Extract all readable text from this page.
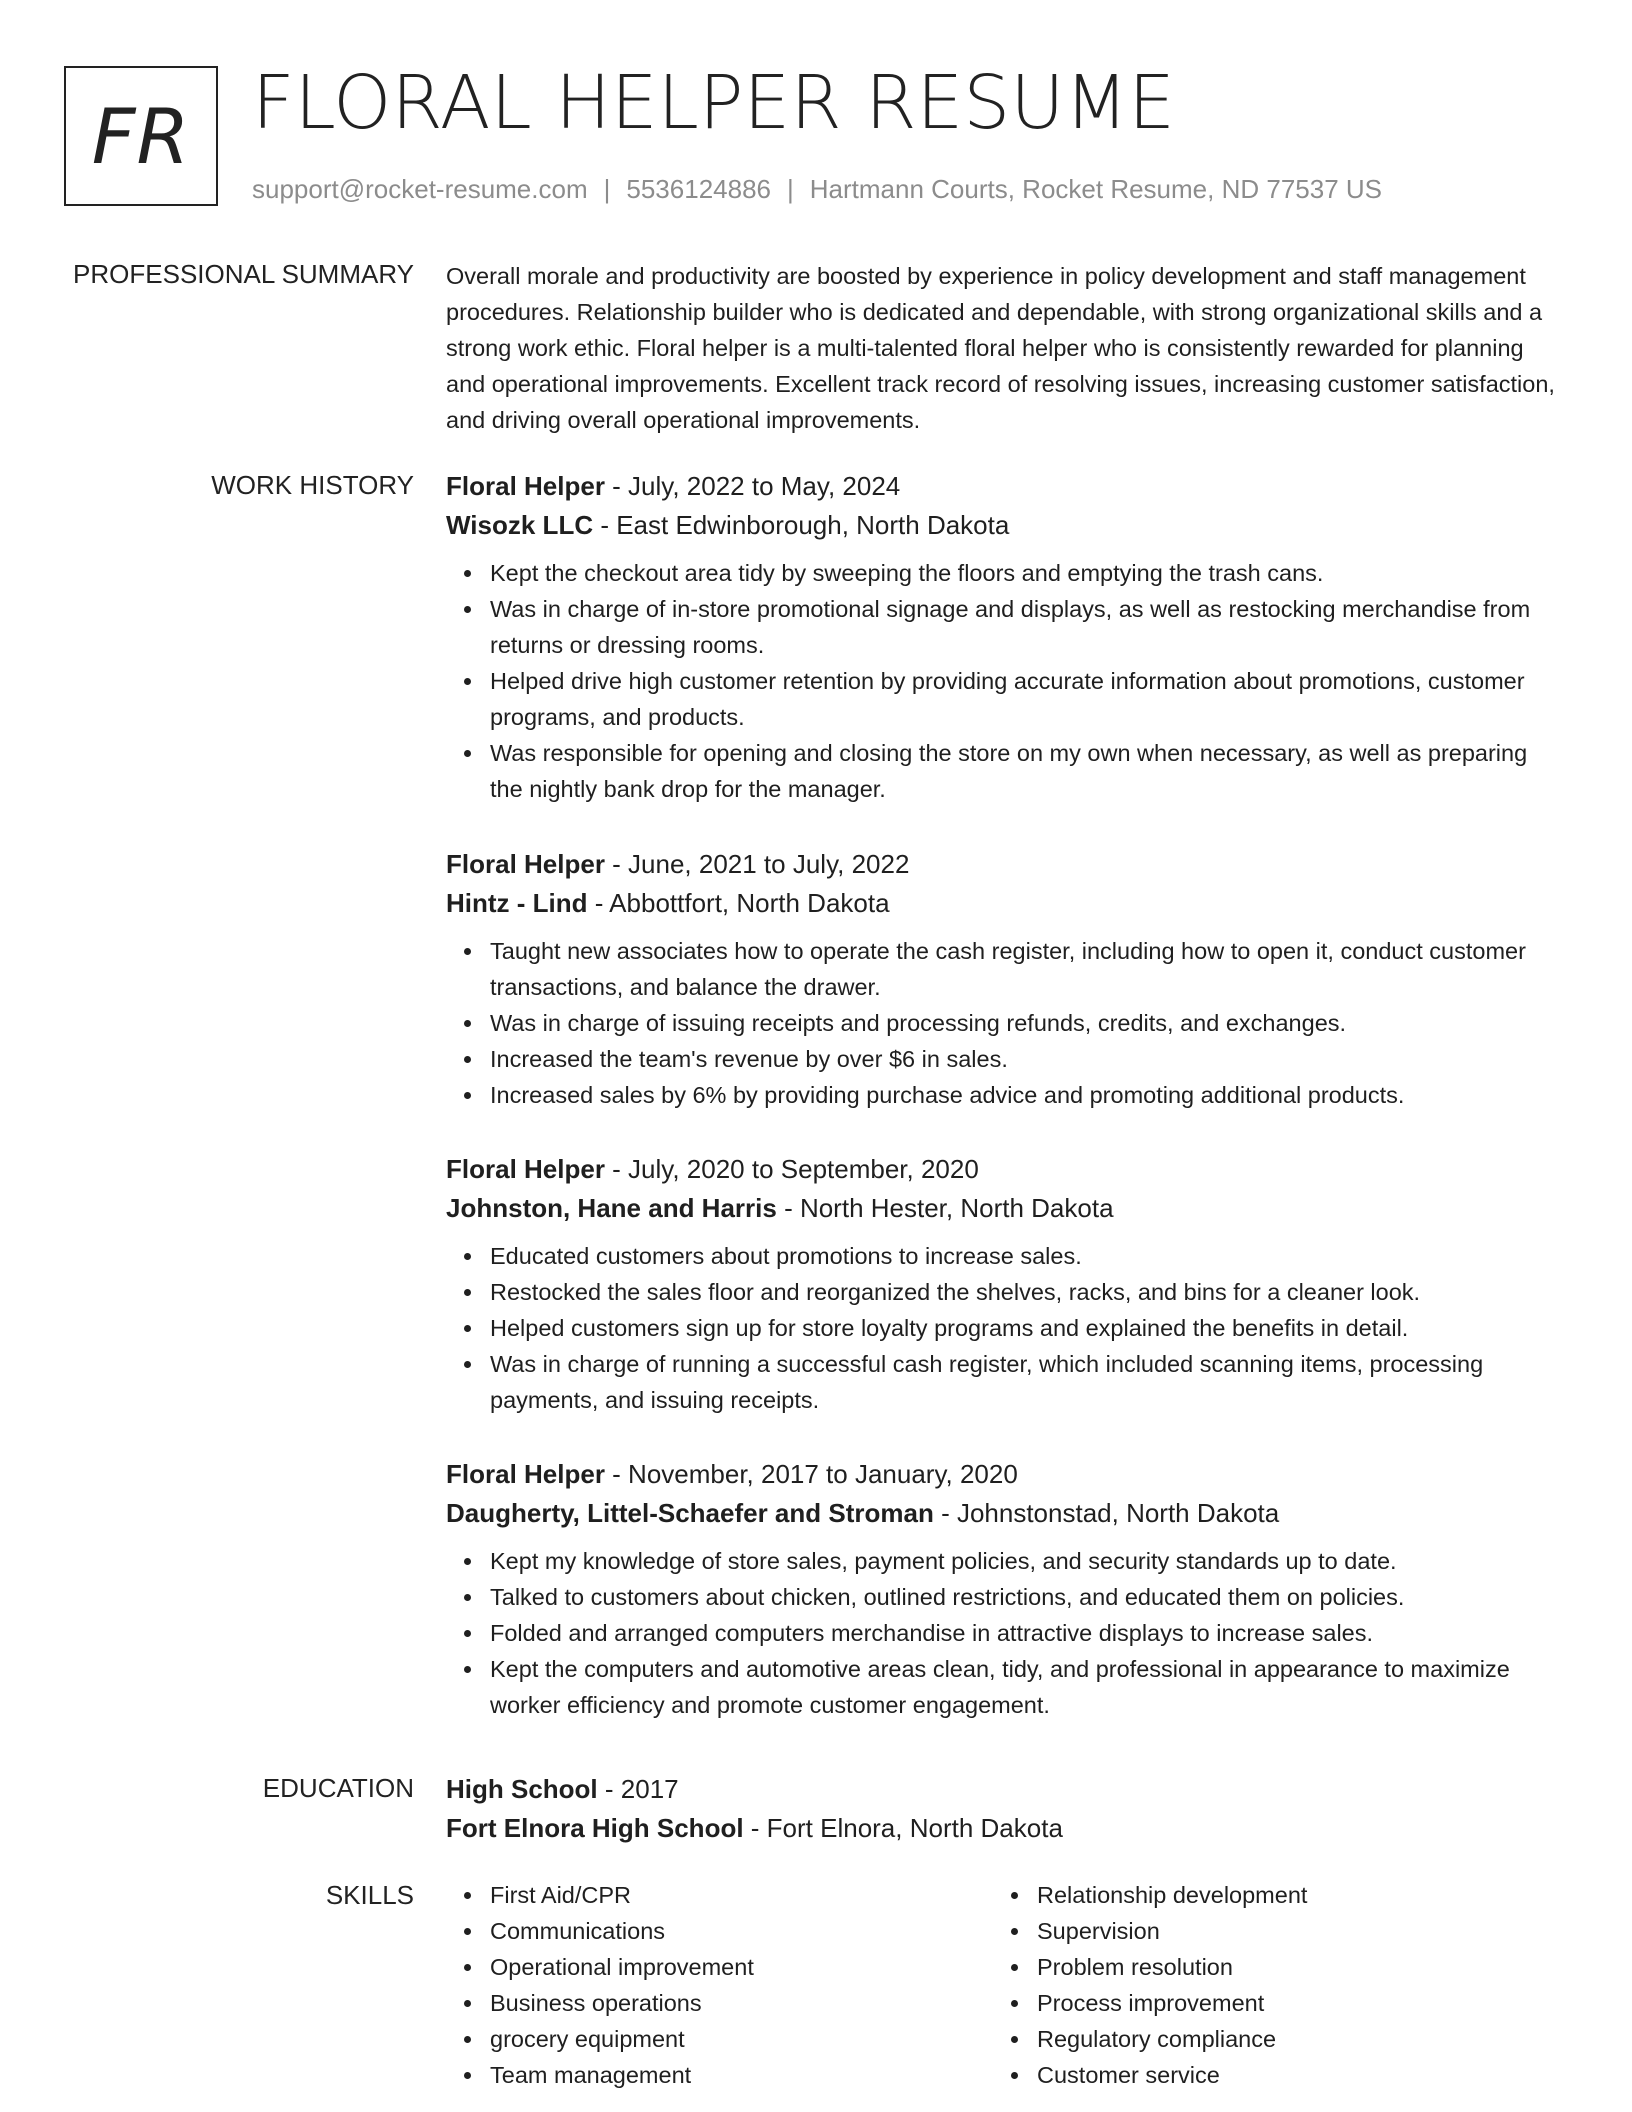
FR FLORAL HELPER RESUME
support@rocket-resume.com | 5536124886 | Hartmann Courts, Rocket Resume, ND 77537 US
PROFESSIONAL SUMMARY Overall morale and productivity are boosted by experience in policy development and staff management procedures. Relationship builder who is dedicated and dependable, with strong organizational skills and a strong work ethic. Floral helper is a multi-talented floral helper who is consistently rewarded for planning and operational improvements. Excellent track record of resolving issues, increasing customer satisfaction, and driving overall operational improvements.

WORK HISTORY Floral Helper - July, 2022 to May, 2024
Wisozk LLC - East Edwinborough, North Dakota
Kept the checkout area tidy by sweeping the floors and emptying the trash cans.
Was in charge of in-store promotional signage and displays, as well as restocking merchandise from returns or dressing rooms.
Helped drive high customer retention by providing accurate information about promotions, customer programs, and products.
Was responsible for opening and closing the store on my own when necessary, as well as preparing the nightly bank drop for the manager.
Floral Helper - June, 2021 to July, 2022
Hintz - Lind - Abbottfort, North Dakota
Taught new associates how to operate the cash register, including how to open it, conduct customer transactions, and balance the drawer.
Was in charge of issuing receipts and processing refunds, credits, and exchanges.
Increased the team's revenue by over $6 in sales.
Increased sales by 6% by providing purchase advice and promoting additional products.
Floral Helper - July, 2020 to September, 2020
Johnston, Hane and Harris - North Hester, North Dakota
Educated customers about promotions to increase sales.
Restocked the sales floor and reorganized the shelves, racks, and bins for a cleaner look.
Helped customers sign up for store loyalty programs and explained the benefits in detail.
Was in charge of running a successful cash register, which included scanning items, processing payments, and issuing receipts.
Floral Helper - November, 2017 to January, 2020
Daugherty, Littel-Schaefer and Stroman - Johnstonstad, North Dakota
Kept my knowledge of store sales, payment policies, and security standards up to date.
Talked to customers about chicken, outlined restrictions, and educated them on policies.
Folded and arranged computers merchandise in attractive displays to increase sales.
Kept the computers and automotive areas clean, tidy, and professional in appearance to maximize worker efficiency and promote customer engagement.
EDUCATION High School - 2017
Fort Elnora High School - Fort Elnora, North Dakota
SKILLS	First Aid/CPR
Communications
Operational improvement
Business operations
grocery equipment
Team management
Relationship development
Supervision
Problem resolution
Process improvement
Regulatory compliance
Customer service
